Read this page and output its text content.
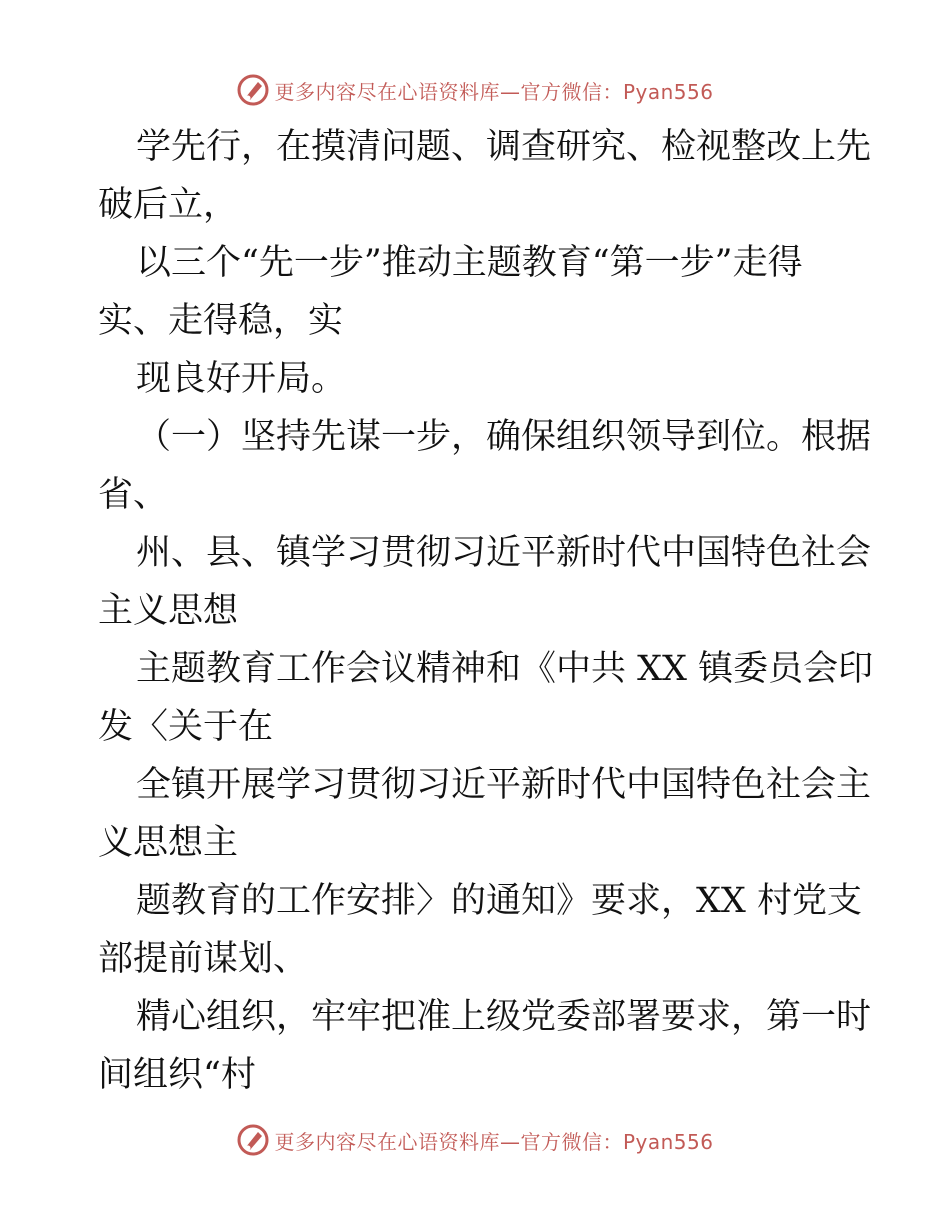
更多内容尽在心语资料库—官方微信：Pyan556
学先行，在摸清问题、调查研究、检视整改上先
破后立，
以三个“先一步”推动主题教育“第一步”走得
实、走得稳，实
现良好开局。
（一）坚持先谋一步，确保组织领导到位。根据
省、
州、县、镇学习贯彻习近平新时代中国特色社会
主义思想
主题教育工作会议精神和《中共 XX 镇委员会印
发〈关于在
全镇开展学习贯彻习近平新时代中国特色社会主
义思想主
题教育的工作安排〉的通知》要求，XX 村党支
部提前谋划、
精心组织，牢牢把准上级党委部署要求，第一时
间组织“村
更多内容尽在心语资料库—官方微信：Pyan556
